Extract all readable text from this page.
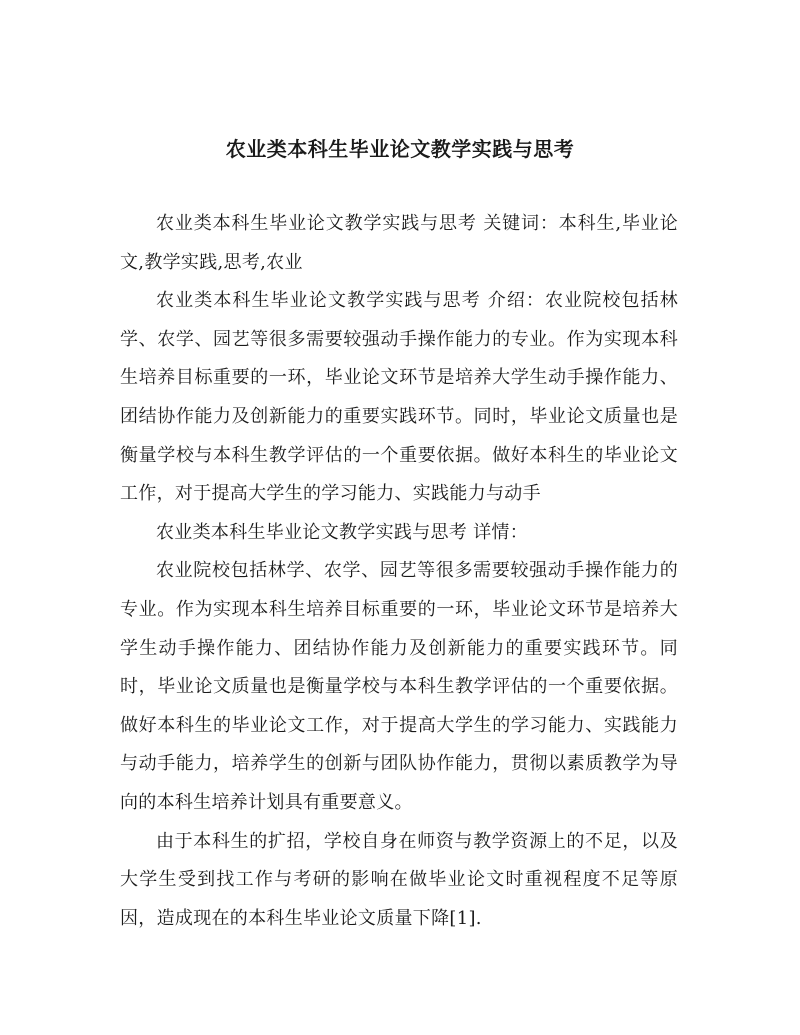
农业类本科生毕业论文教学实践与思考

农业类本科生毕业论文教学实践与思考 关键词：本科生,毕业论文,教学实践,思考,农业

农业类本科生毕业论文教学实践与思考 介绍：农业院校包括林学、农学、园艺等很多需要较强动手操作能力的专业。作为实现本科生培养目标重要的一环，毕业论文环节是培养大学生动手操作能力、团结协作能力及创新能力的重要实践环节。同时，毕业论文质量也是衡量学校与本科生教学评估的一个重要依据。做好本科生的毕业论文工作，对于提高大学生的学习能力、实践能力与动手

农业类本科生毕业论文教学实践与思考 详情：

农业院校包括林学、农学、园艺等很多需要较强动手操作能力的专业。作为实现本科生培养目标重要的一环，毕业论文环节是培养大学生动手操作能力、团结协作能力及创新能力的重要实践环节。同时，毕业论文质量也是衡量学校与本科生教学评估的一个重要依据。做好本科生的毕业论文工作，对于提高大学生的学习能力、实践能力与动手能力，培养学生的创新与团队协作能力，贯彻以素质教学为导向的本科生培养计划具有重要意义。

由于本科生的扩招，学校自身在师资与教学资源上的不足，以及大学生受到找工作与考研的影响在做毕业论文时重视程度不足等原因，造成现在的本科生毕业论文质量下降[1].
